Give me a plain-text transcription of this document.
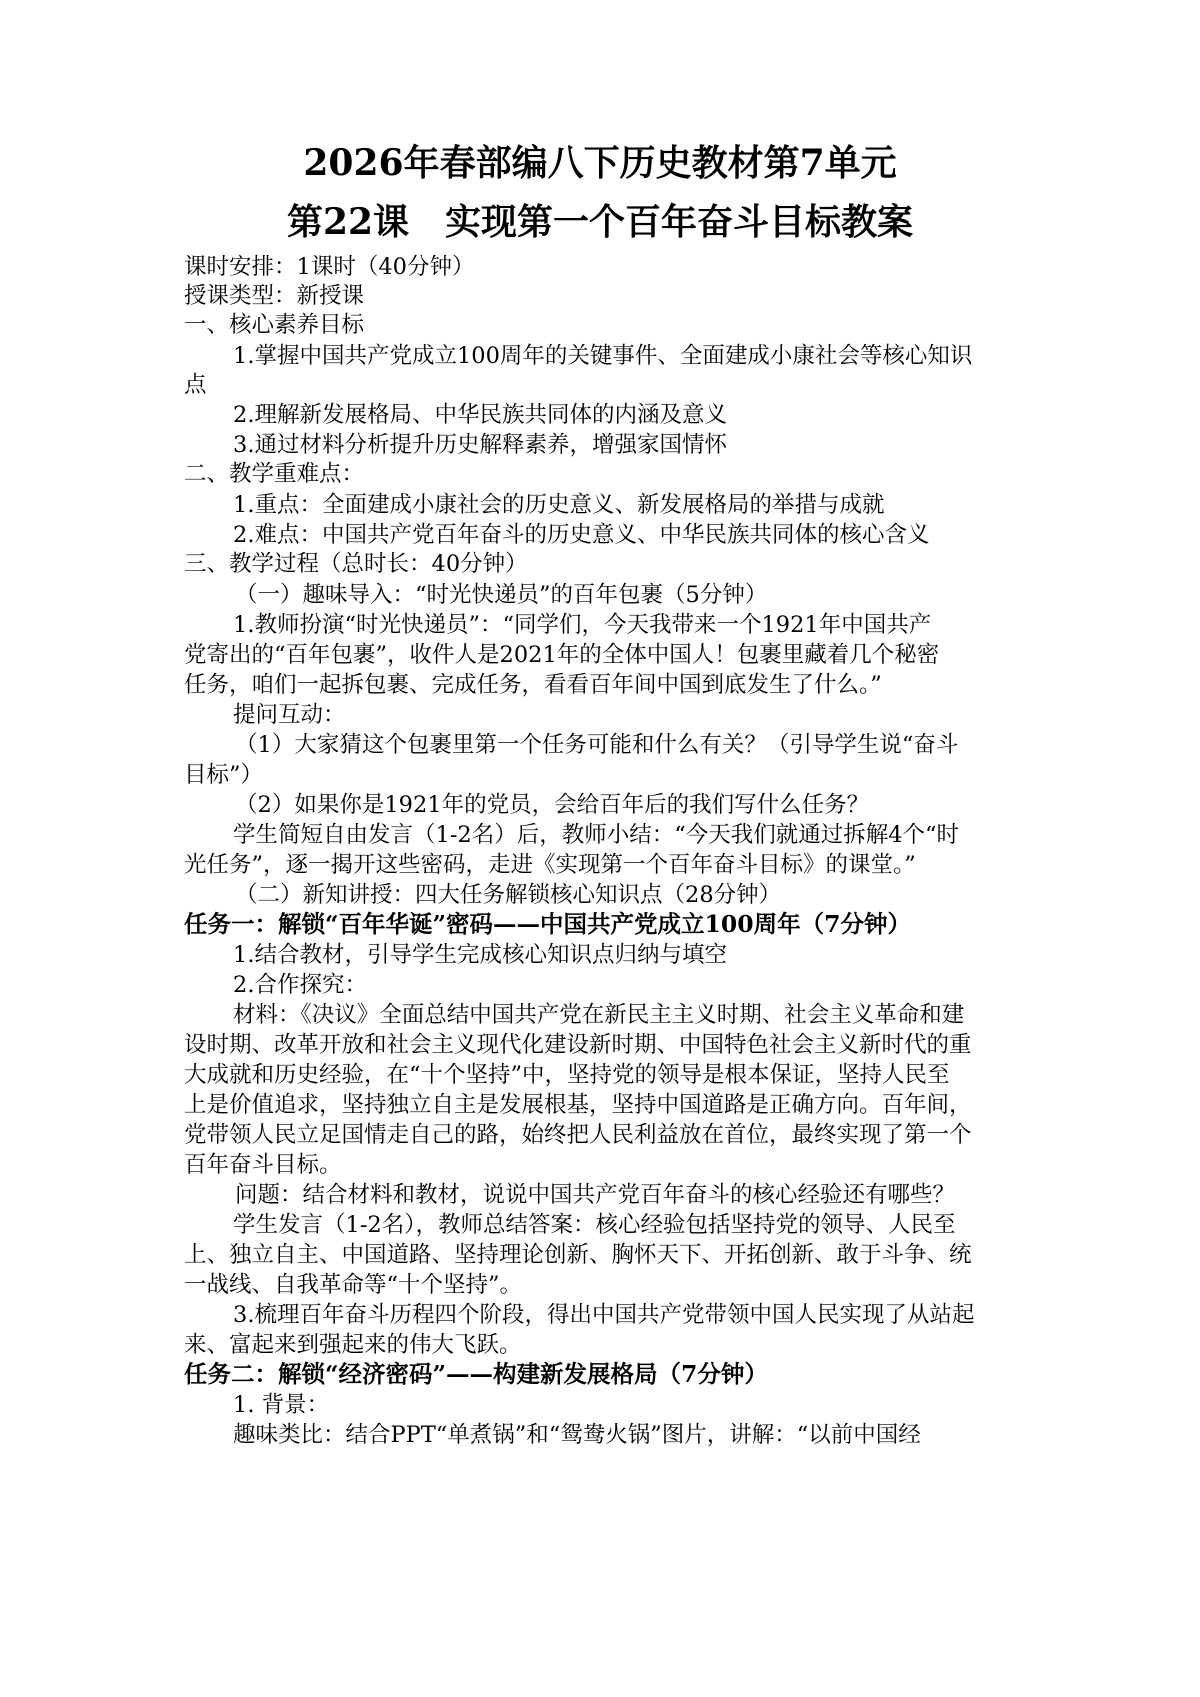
2026年春部编八下历史教材第7单元
第22课　实现第一个百年奋斗目标教案
课时安排：1课时（40分钟）
授课类型：新授课
一、核心素养目标
1.掌握中国共产党成立100周年的关键事件、全面建成小康社会等核心知识
点
2.理解新发展格局、中华民族共同体的内涵及意义
3.通过材料分析提升历史解释素养，增强家国情怀
二、教学重难点：
1.重点：全面建成小康社会的历史意义、新发展格局的举措与成就
2.难点：中国共产党百年奋斗的历史意义、中华民族共同体的核心含义
三、教学过程（总时长：40分钟）
（一）趣味导入：“时光快递员”的百年包裹（5分钟）
1.教师扮演“时光快递员”：“同学们，今天我带来一个1921年中国共产
党寄出的“百年包裹”，收件人是2021年的全体中国人！包裹里藏着几个秘密
任务，咱们一起拆包裹、完成任务，看看百年间中国到底发生了什么。”
提问互动：
（1）大家猜这个包裹里第一个任务可能和什么有关？（引导学生说“奋斗
目标”）
（2）如果你是1921年的党员，会给百年后的我们写什么任务？
学生简短自由发言（1-2名）后，教师小结：“今天我们就通过拆解4个“时
光任务”，逐一揭开这些密码，走进《实现第一个百年奋斗目标》的课堂。”
（二）新知讲授：四大任务解锁核心知识点（28分钟）
任务一：解锁“百年华诞”密码——中国共产党成立100周年（7分钟）
1.结合教材，引导学生完成核心知识点归纳与填空
2.合作探究：
材料：《决议》全面总结中国共产党在新民主主义时期、社会主义革命和建
设时期、改革开放和社会主义现代化建设新时期、中国特色社会主义新时代的重
大成就和历史经验，在“十个坚持”中，坚持党的领导是根本保证，坚持人民至
上是价值追求，坚持独立自主是发展根基，坚持中国道路是正确方向。百年间，
党带领人民立足国情走自己的路，始终把人民利益放在首位，最终实现了第一个
百年奋斗目标。
问题：结合材料和教材，说说中国共产党百年奋斗的核心经验还有哪些？
学生发言（1-2名），教师总结答案：核心经验包括坚持党的领导、人民至
上、独立自主、中国道路、坚持理论创新、胸怀天下、开拓创新、敢于斗争、统
一战线、自我革命等“十个坚持”。
3.梳理百年奋斗历程四个阶段，得出中国共产党带领中国人民实现了从站起
来、富起来到强起来的伟大飞跃。
任务二：解锁“经济密码”——构建新发展格局（7分钟）
1. 背景：
趣味类比：结合PPT“单煮锅”和“鸳鸯火锅”图片，讲解：“以前中国经
